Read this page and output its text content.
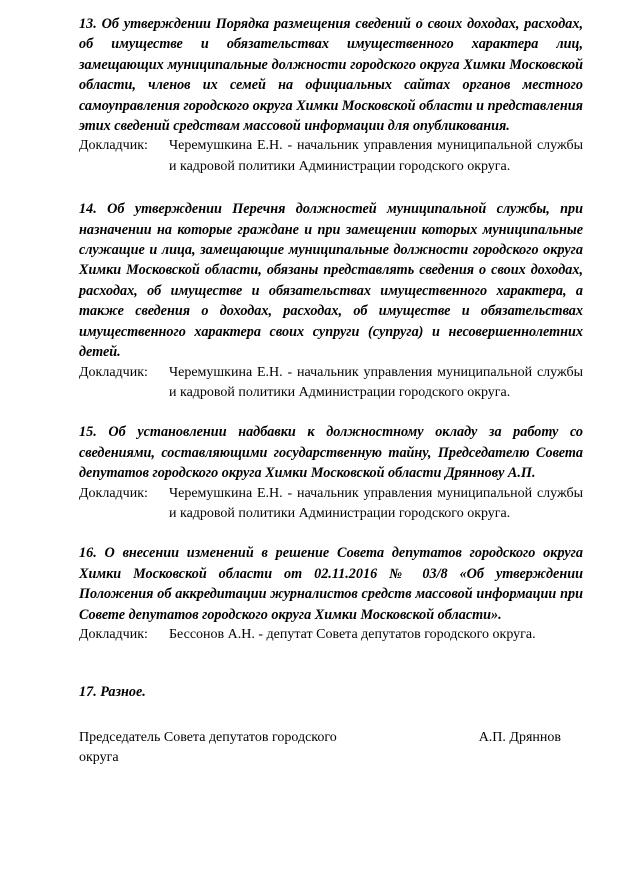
13. Об утверждении Порядка размещения сведений о своих доходах, расходах, об имуществе и обязательствах имущественного характера лиц, замещающих муниципальные должности городского округа Химки Московской области, членов их семей на официальных сайтах органов местного самоуправления городского округа Химки Московской области и представления этих сведений средствам массовой информации для опубликования.

Докладчик:	Черемушкина Е.Н. - начальник управления муниципальной службы и кадровой политики Администрации городского округа.

14. Об утверждении Перечня должностей муниципальной службы, при назначении на которые граждане и при замещении которых муниципальные служащие и лица, замещающие муниципальные должности городского округа Химки Московской области, обязаны представлять сведения о своих доходах, расходах, об имуществе и обязательствах имущественного характера, а также сведения о доходах, расходах, об имуществе и обязательствах имущественного характера своих супруги (супруга) и несовершеннолетних детей.

Докладчик:	Черемушкина Е.Н. - начальник управления муниципальной службы и кадровой политики Администрации городского округа.

15. Об установлении надбавки к должностному окладу за работу со сведениями, составляющими государственную тайну, Председателю Совета депутатов городского округа Химки Московской области Дряннову А.П.

Докладчик:	Черемушкина Е.Н. - начальник управления муниципальной службы и кадровой политики Администрации городского округа.

16. О внесении изменений в решение Совета депутатов городского округа Химки Московской области от 02.11.2016 № 03/8 «Об утверждении Положения об аккредитации журналистов средств массовой информации при Совете депутатов городского округа Химки Московской области».

Докладчик:	Бессонов А.Н. - депутат Совета депутатов городского округа.

17. Разное.

Председатель Совета депутатов городского округа
А.П. Дряннов
